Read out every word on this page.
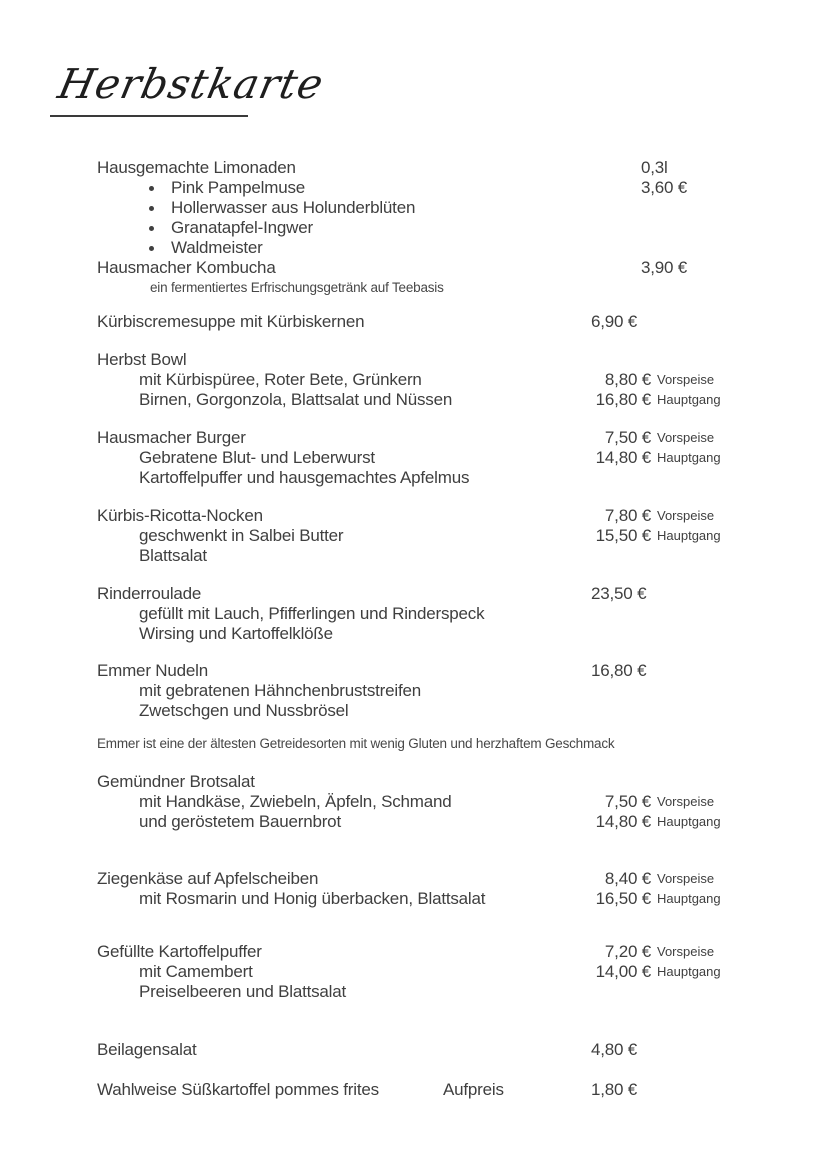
Herbstkarte
Hausgemachte Limonaden	0,3l
Pink Pampelmuse	3,60 €
Hollerwasser aus Holunderblüten
Granatapfel-Ingwer
Waldmeister
Hausmacher Kombucha	3,90 €
ein fermentiertes Erfrischungsgetränk auf Teebasis
Kürbiscremesuppe mit Kürbiskernen	6,90 €
Herbst Bowl
mit Kürbispüree, Roter Bete, Grünkern	8,80 € Vorspeise
Birnen, Gorgonzola, Blattsalat und Nüssen	16,80 € Hauptgang
Hausmacher Burger	7,50 € Vorspeise
Gebratene Blut- und Leberwurst	14,80 € Hauptgang
Kartoffelpuffer und hausgemachtes Apfelmus
Kürbis-Ricotta-Nocken	7,80 € Vorspeise
geschwenkt in Salbei Butter	15,50 € Hauptgang
Blattsalat
Rinderroulade	23,50 €
gefüllt mit Lauch, Pfifferlingen und Rinderspeck
Wirsing und Kartoffelklöße
Emmer Nudeln	16,80 €
mit gebratenen Hähnchenbruststreifen
Zwetschgen und Nussbrösel
Emmer ist eine der ältesten Getreidesorten mit wenig Gluten und herzhaftem Geschmack
Gemündner Brotsalat
mit Handkäse, Zwiebeln, Äpfeln, Schmand	7,50 € Vorspeise
und geröstetem Bauernbrot	14,80 € Hauptgang
Ziegenkäse auf Apfelscheiben	8,40 € Vorspeise
mit Rosmarin und Honig überbacken, Blattsalat	16,50 € Hauptgang
Gefüllte Kartoffelpuffer	7,20 € Vorspeise
mit Camembert	14,00 € Hauptgang
Preiselbeeren und Blattsalat
Beilagensalat	4,80 €
Wahlweise Süßkartoffel pommes frites	Aufpreis	1,80 €
